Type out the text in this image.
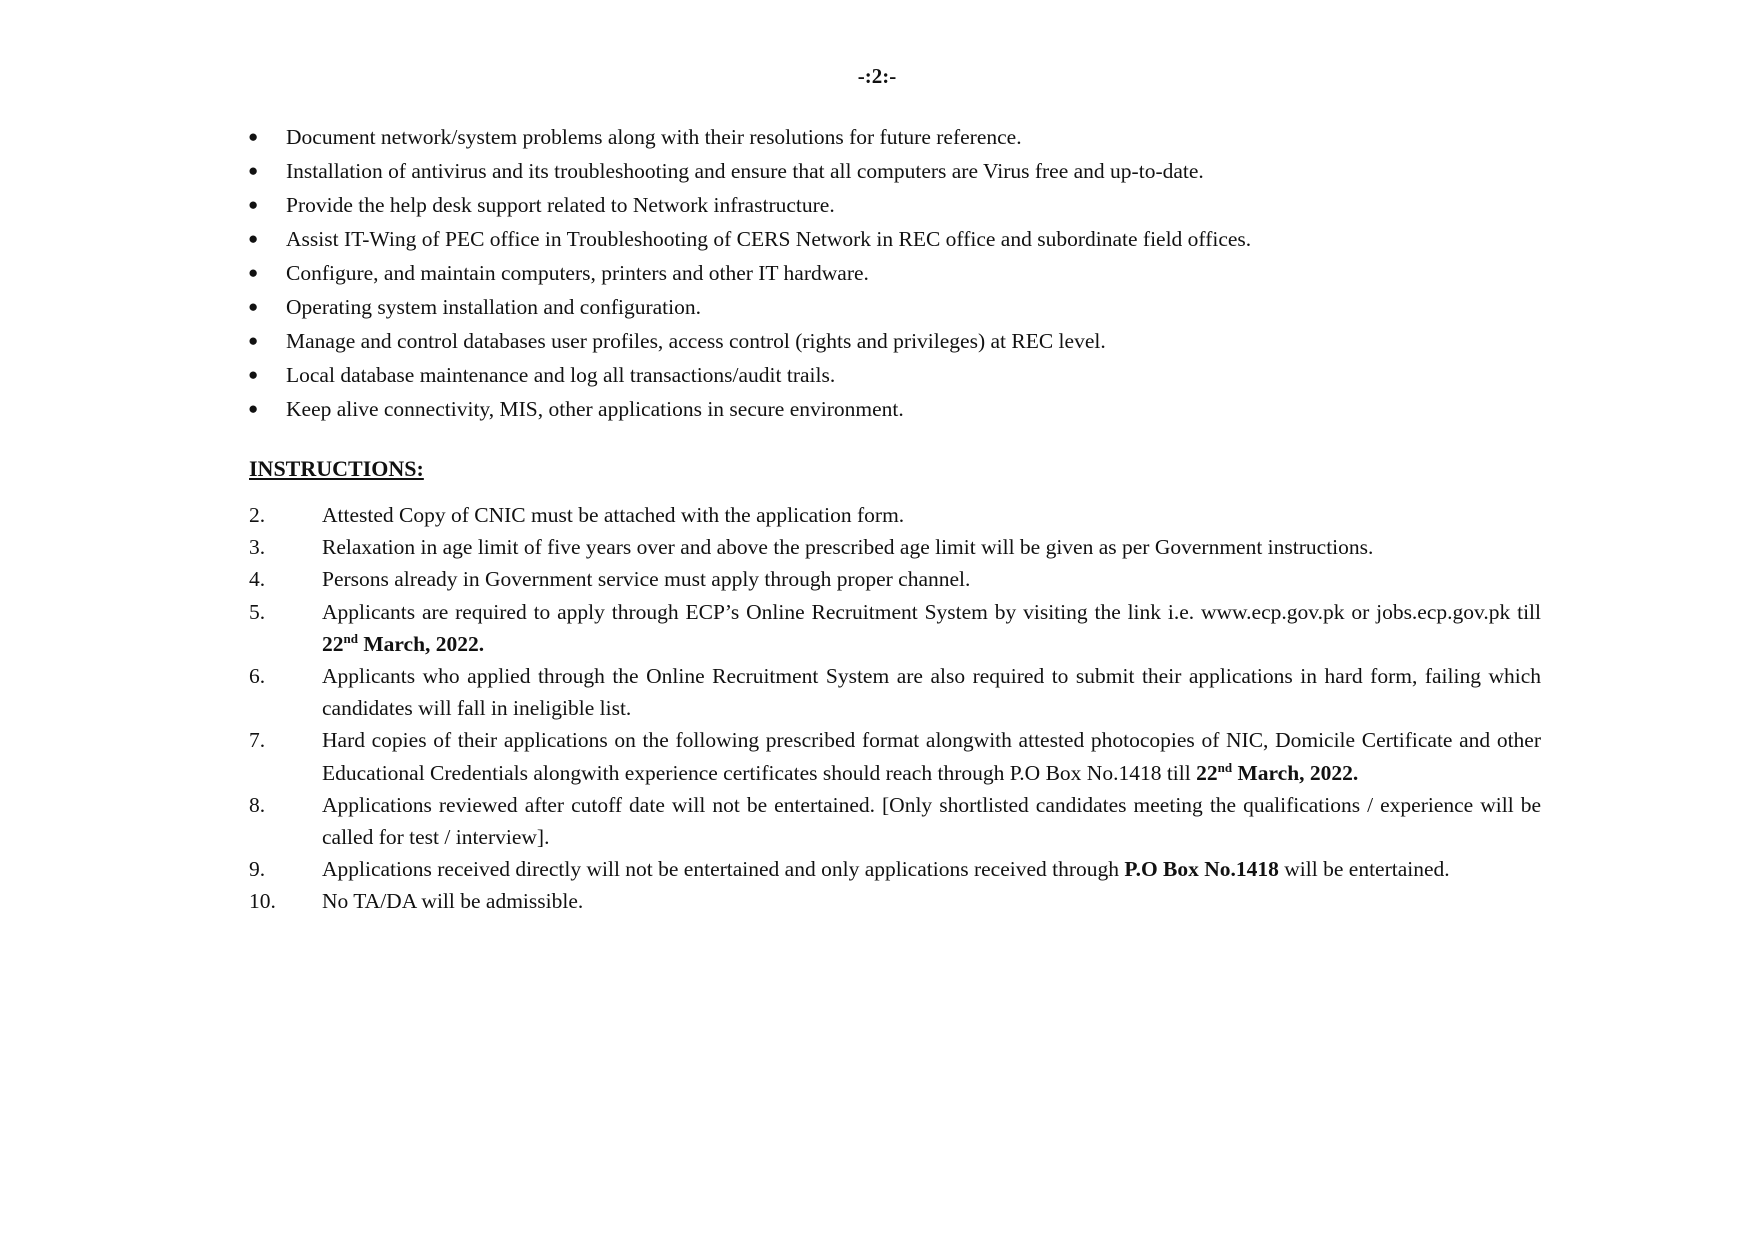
-:2:-
●	Document network/system problems along with their resolutions for future reference.
●	Installation of antivirus and its troubleshooting and ensure that all computers are Virus free and up-to-date.
●	Provide the help desk support related to Network infrastructure.
●	Assist IT-Wing of PEC office in Troubleshooting of CERS Network in REC office and subordinate field offices.
●	Configure, and maintain computers, printers and other IT hardware.
●	Operating system installation and configuration.
●	Manage and control databases user profiles, access control (rights and privileges) at REC level.
●	Local database maintenance and log all transactions/audit trails.
●	Keep alive connectivity, MIS, other applications in secure environment.
INSTRUCTIONS:
2.	Attested Copy of CNIC must be attached with the application form.
3.	Relaxation in age limit of five years over and above the prescribed age limit will be given as per Government instructions.
4.	Persons already in Government service must apply through proper channel.
5.	Applicants are required to apply through ECP’s Online Recruitment System by visiting the link i.e. www.ecp.gov.pk or jobs.ecp.gov.pk till 22nd March, 2022.
6.	Applicants who applied through the Online Recruitment System are also required to submit their applications in hard form, failing which candidates will fall in ineligible list.
7.	Hard copies of their applications on the following prescribed format alongwith attested photocopies of NIC, Domicile Certificate and other Educational Credentials alongwith experience certificates should reach through P.O Box No.1418 till 22nd March, 2022.
8.	Applications reviewed after cutoff date will not be entertained. [Only shortlisted candidates meeting the qualifications / experience will be called for test / interview].
9.	Applications received directly will not be entertained and only applications received through P.O Box No.1418 will be entertained.
10.	No TA/DA will be admissible.
